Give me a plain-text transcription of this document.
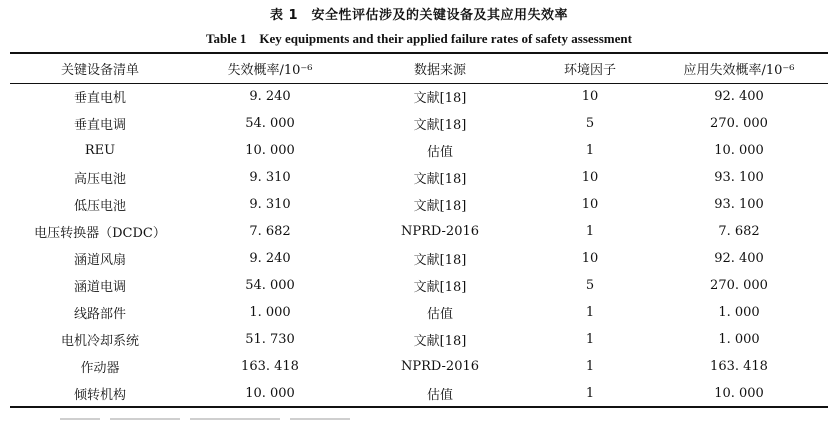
表 1　安全性评估涉及的关键设备及其应用失效率
Table 1　Key equipments and their applied failure rates of safety assessment
关键设备清单	失效概率/10⁻⁶	数据来源	环境因子	应用失效概率/10⁻⁶
垂直电机	9. 240	文献[18]	10	92. 400
垂直电调	54. 000	文献[18]	5	270. 000
REU	10. 000	估值	1	10. 000
高压电池	9. 310	文献[18]	10	93. 100
低压电池	9. 310	文献[18]	10	93. 100
电压转换器（DCDC）	7. 682	NPRD-2016	1	7. 682
涵道风扇	9. 240	文献[18]	10	92. 400
涵道电调	54. 000	文献[18]	5	270. 000
线路部件	1. 000	估值	1	1. 000
电机冷却系统	51. 730	文献[18]	1	1. 000
作动器	163. 418	NPRD-2016	1	163. 418
倾转机构	10. 000	估值	1	10. 000
